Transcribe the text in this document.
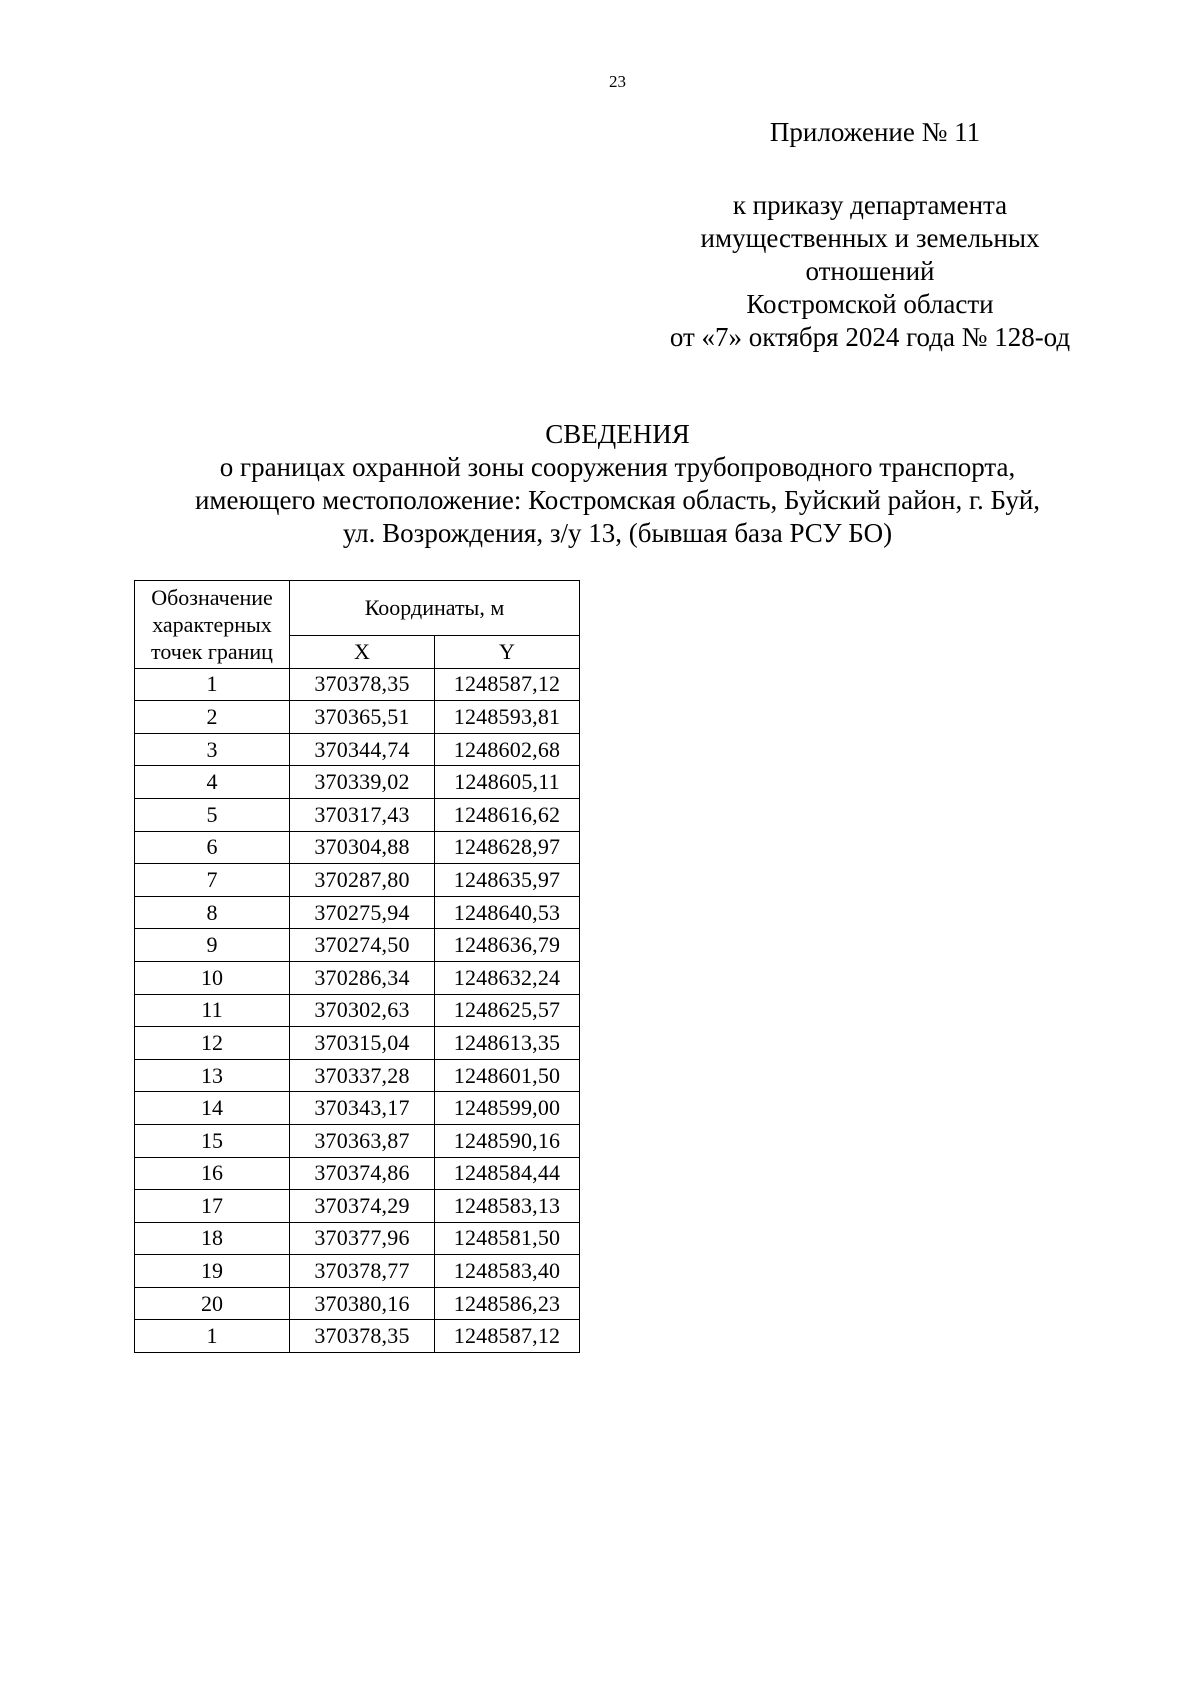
23
Приложение № 11
к приказу департамента
имущественных и земельных
отношений
Костромской области
от «7» октября 2024 года № 128-од
СВЕДЕНИЯ
о границах охранной зоны сооружения трубопроводного транспорта,
имеющего местоположение: Костромская область, Буйский район, г. Буй,
ул. Возрождения, з/у 13, (бывшая база РСУ БО)
Обозначение характерных точек границ	Координаты, м	
	X	Y
1	370378,35	1248587,12
2	370365,51	1248593,81
3	370344,74	1248602,68
4	370339,02	1248605,11
5	370317,43	1248616,62
6	370304,88	1248628,97
7	370287,80	1248635,97
8	370275,94	1248640,53
9	370274,50	1248636,79
10	370286,34	1248632,24
11	370302,63	1248625,57
12	370315,04	1248613,35
13	370337,28	1248601,50
14	370343,17	1248599,00
15	370363,87	1248590,16
16	370374,86	1248584,44
17	370374,29	1248583,13
18	370377,96	1248581,50
19	370378,77	1248583,40
20	370380,16	1248586,23
1	370378,35	1248587,12
